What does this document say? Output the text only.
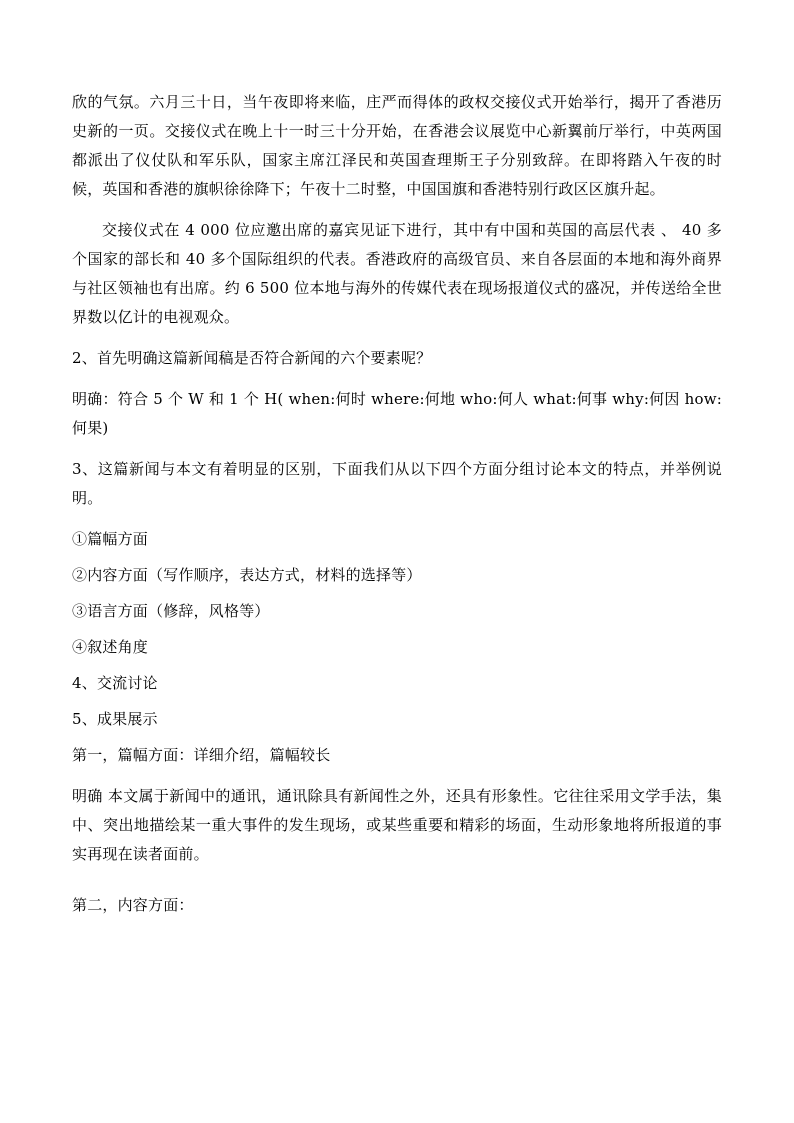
欣的气氛。六月三十日，当午夜即将来临，庄严而得体的政权交接仪式开始举行，揭开了香港历史新的一页。交接仪式在晚上十一时三十分开始，在香港会议展览中心新翼前厅举行，中英两国都派出了仪仗队和军乐队，国家主席江泽民和英国查理斯王子分别致辞。在即将踏入午夜的时候，英国和香港的旗帜徐徐降下；午夜十二时整，中国国旗和香港特别行政区区旗升起。

交接仪式在 4 000 位应邀出席的嘉宾见证下进行，其中有中国和英国的高层代表 、 40 多个国家的部长和 40 多个国际组织的代表。香港政府的高级官员、来自各层面的本地和海外商界与社区领袖也有出席。约 6 500 位本地与海外的传媒代表在现场报道仪式的盛况，并传送给全世界数以亿计的电视观众。

2、首先明确这篇新闻稿是否符合新闻的六个要素呢？

明确：符合 5 个 W 和 1 个 H( when:何时 where:何地 who:何人 what:何事 why:何因 how:何果)

3、这篇新闻与本文有着明显的区别，下面我们从以下四个方面分组讨论本文的特点，并举例说明。

①篇幅方面

②内容方面（写作顺序，表达方式，材料的选择等）

③语言方面（修辞，风格等）

④叙述角度

4、交流讨论

5、成果展示

第一，篇幅方面：详细介绍，篇幅较长

明确 本文属于新闻中的通讯，通讯除具有新闻性之外，还具有形象性。它往往采用文学手法，集中、突出地描绘某一重大事件的发生现场，或某些重要和精彩的场面，生动形象地将所报道的事实再现在读者面前。

第二，内容方面：
